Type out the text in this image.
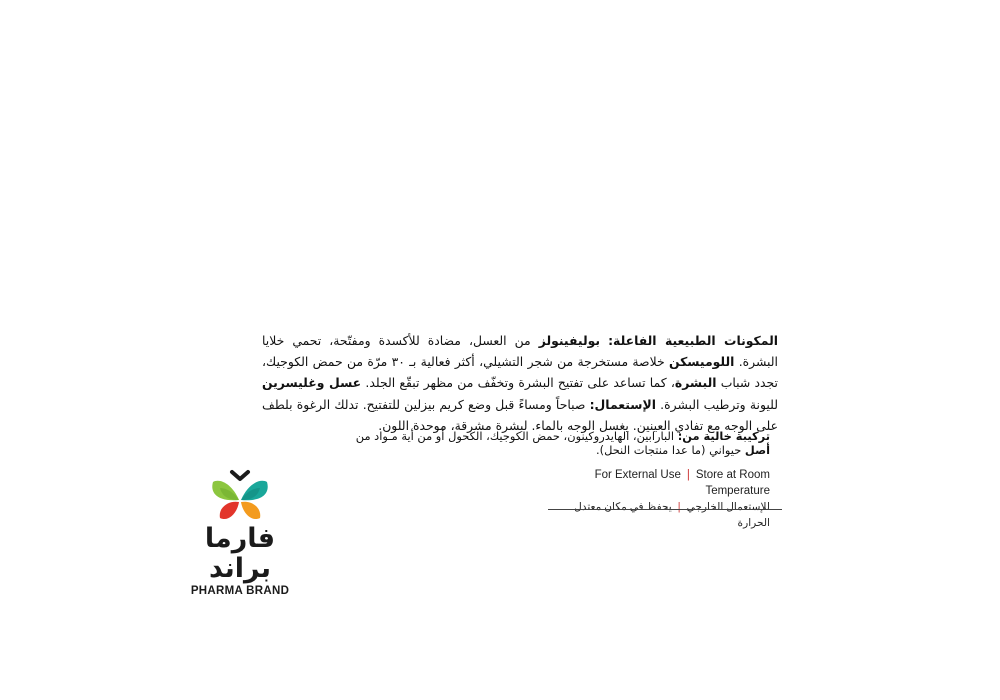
المكونات الطبيعية الفاعلة: بوليفينولز من العسل، مضادة للأكسدة ومفتّحة، تحمي خلايا البشرة. اللوميسكن خلاصة مستخرجة من شجر التشيلي، أكثر فعالية بـ ٣٠ مرّة من حمض الكوجيك، تجدد شباب البشرة، كما تساعد على تفتيح البشرة وتخفّف من مظهر تبقّع الجلد. عسل وغليسرين لليونة وترطيب البشرة. الإستعمال: صباحاً ومساءً قبل وضع كريم بيزلين للتفتيح. تدلك الرغوة بلطف على الوجه مع تفادي العينين. يغسل الوجه بالماء. لبشرة مشرقة، موحدة اللون.

تركيبة خالية من: البارابين، الهايدروكينون، حمض الكوجيك، الكحول أو من أية مـواد من
أصل حيواني (ما عدا منتجات النحل).
For External Use | Store at Room Temperature
للإستعمال الخارجي|يحفظ في مكان معتدل الحرارة
فارما براند
PHARMA BRAND
